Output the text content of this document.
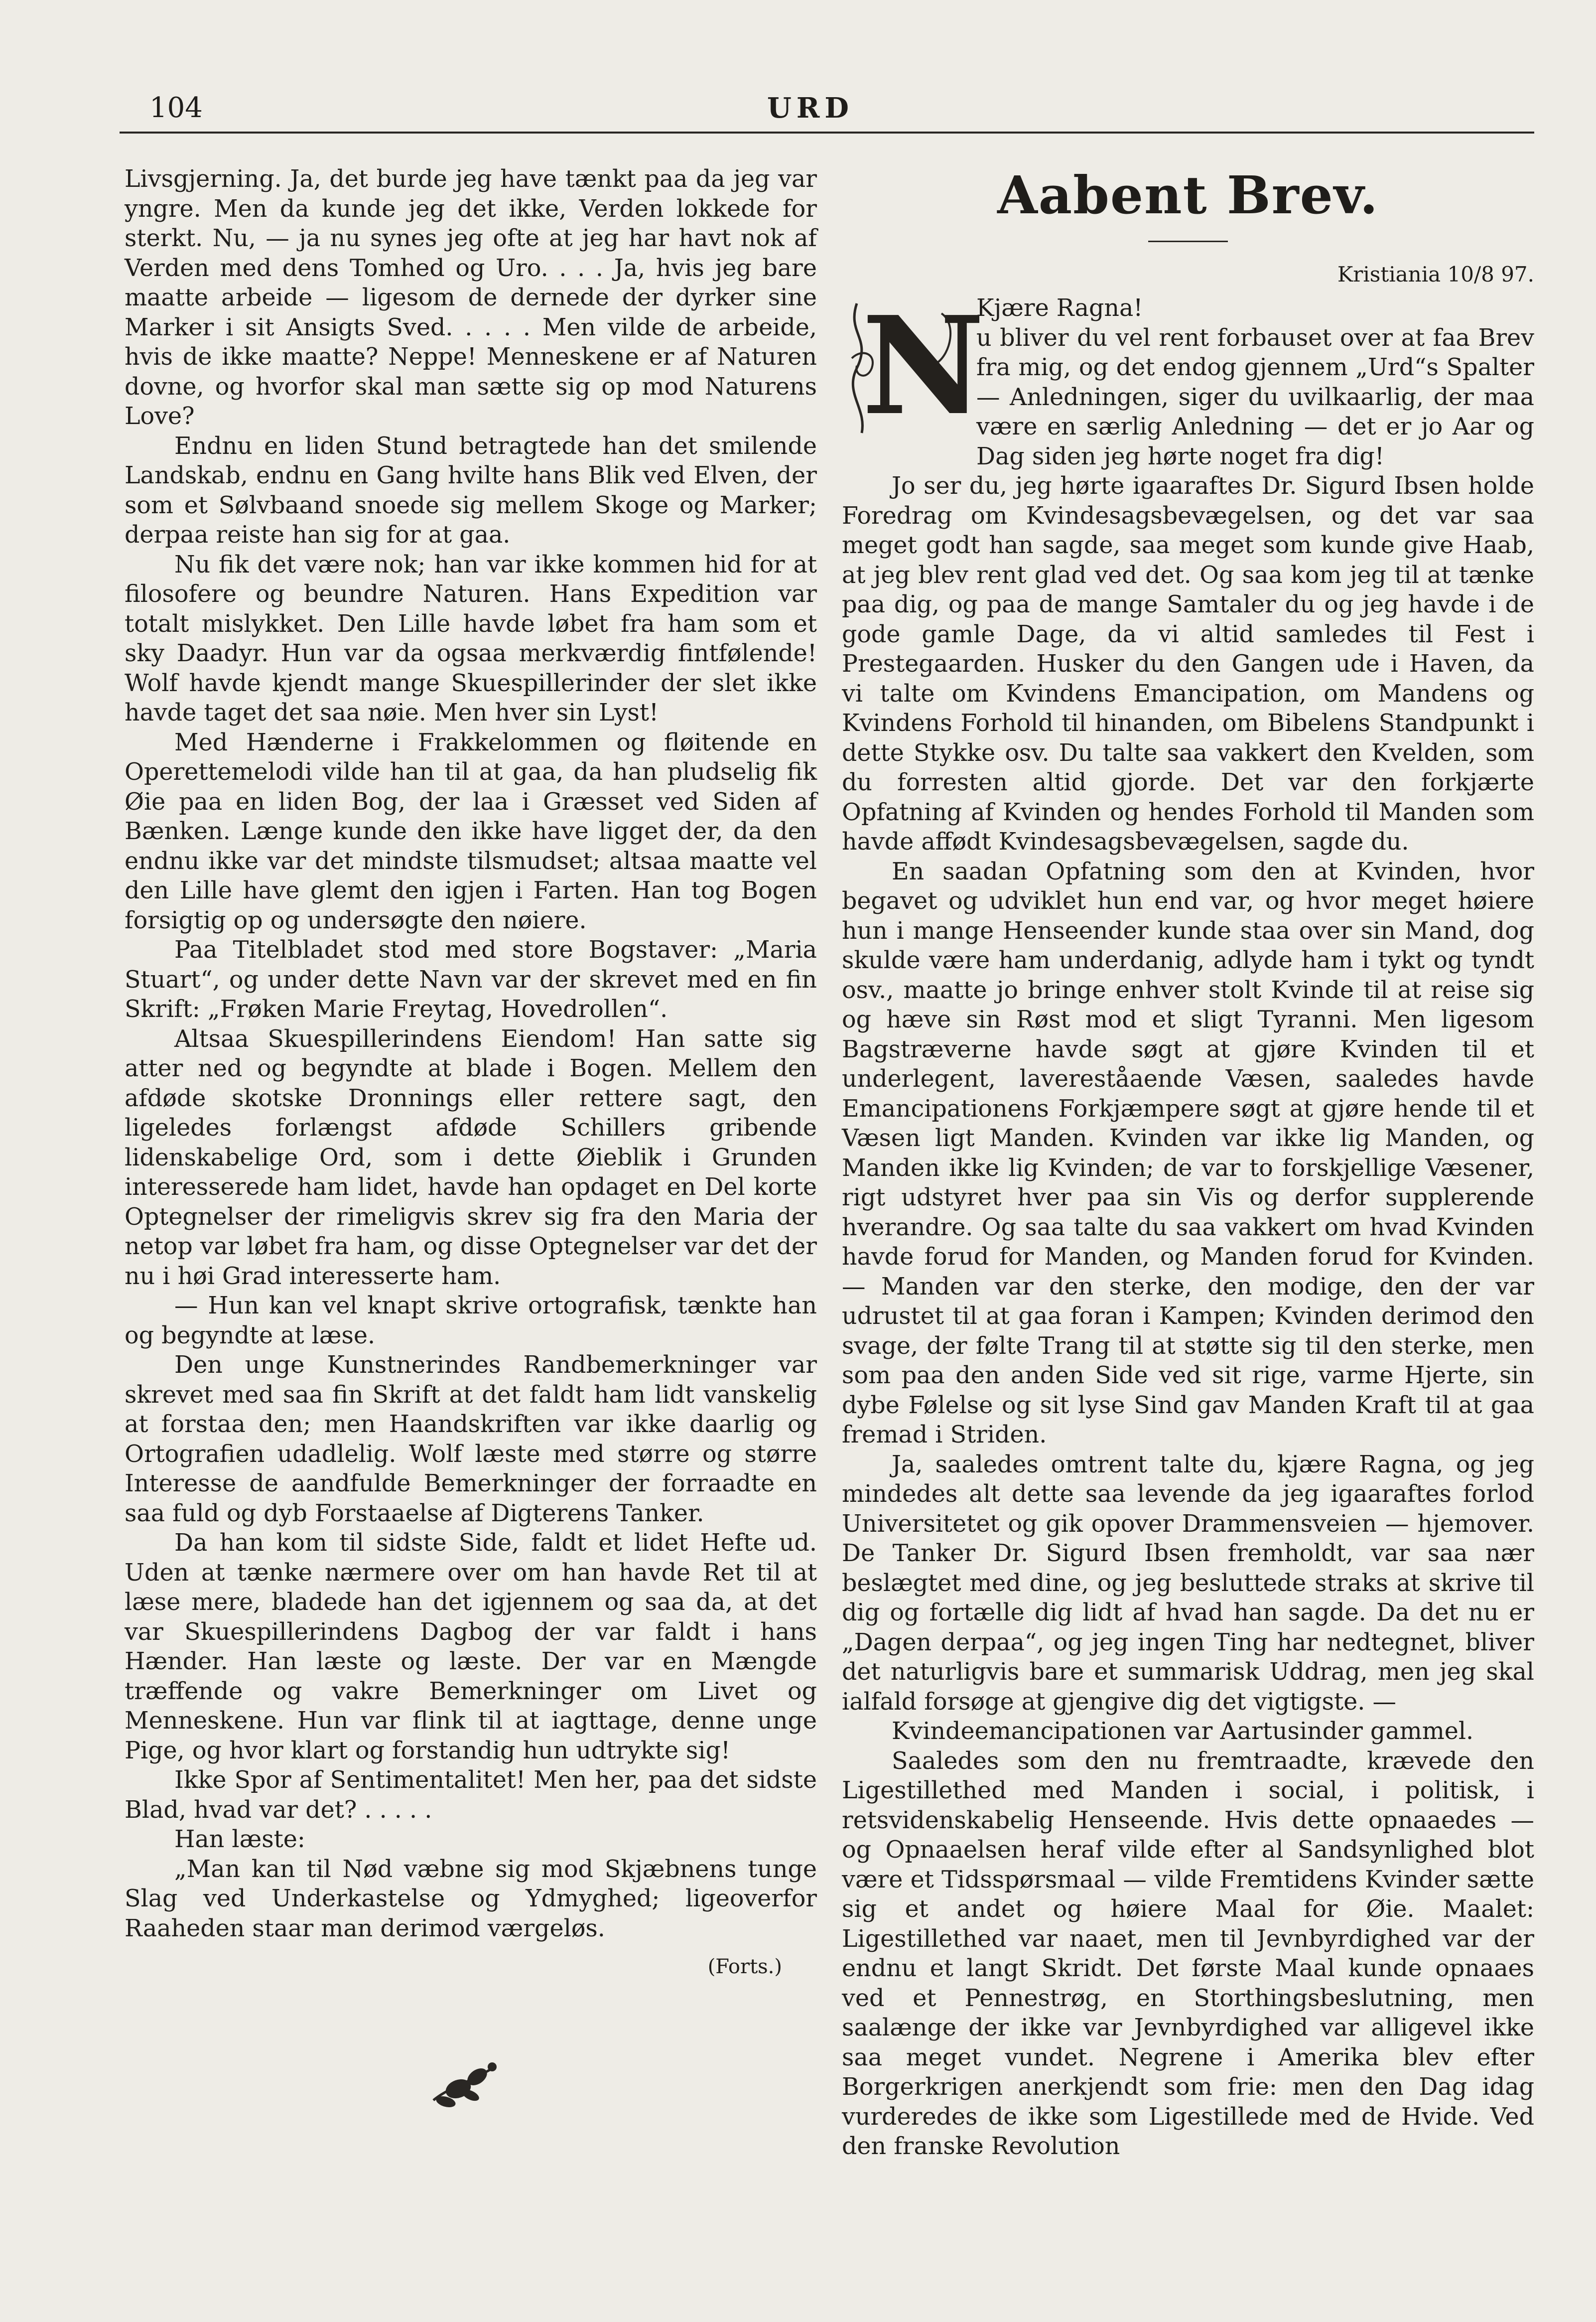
104	URD

Livsgjerning. Ja, det burde jeg have tænkt paa da jeg var yngre. Men da kunde jeg det ikke, Verden lokkede for sterkt. Nu, — ja nu synes jeg ofte at jeg har havt nok af Verden med dens Tomhed og Uro. . . . Ja, hvis jeg bare maatte arbeide — ligesom de dernede der dyrker sine Marker i sit Ansigts Sved. . . . . Men vilde de arbeide, hvis de ikke maatte? Neppe! Menneskene er af Naturen dovne, og hvorfor skal man sætte sig op mod Naturens Love?

Endnu en liden Stund betragtede han det smilende Landskab, endnu en Gang hvilte hans Blik ved Elven, der som et Sølvbaand snoede sig mellem Skoge og Marker; derpaa reiste han sig for at gaa.

Nu fik det være nok; han var ikke kommen hid for at filosofere og beundre Naturen. Hans Expedition var totalt mislykket. Den Lille havde løbet fra ham som et sky Daadyr. Hun var da ogsaa merkværdig fintfølende! Wolf havde kjendt mange Skuespillerinder der slet ikke havde taget det saa nøie. Men hver sin Lyst!

Med Hænderne i Frakkelommen og fløitende en Operettemelodi vilde han til at gaa, da han pludselig fik Øie paa en liden Bog, der laa i Græsset ved Siden af Bænken. Længe kunde den ikke have ligget der, da den endnu ikke var det mindste tilsmudset; altsaa maatte vel den Lille have glemt den igjen i Farten. Han tog Bogen forsigtig op og undersøgte den nøiere.

Paa Titelbladet stod med store Bogstaver: „Maria Stuart“, og under dette Navn var der skrevet med en fin Skrift: „Frøken Marie Freytag, Hovedrollen“.

Altsaa Skuespillerindens Eiendom! Han satte sig atter ned og begyndte at blade i Bogen. Mellem den afdøde skotske Dronnings eller rettere sagt, den ligeledes forlængst afdøde Schillers gribende lidenskabelige Ord, som i dette Øieblik i Grunden interesserede ham lidet, havde han opdaget en Del korte Optegnelser der rimeligvis skrev sig fra den Maria der netop var løbet fra ham, og disse Optegnelser var det der nu i høi Grad interesserte ham.

— Hun kan vel knapt skrive ortografisk, tænkte han og begyndte at læse.

Den unge Kunstnerindes Randbemerkninger var skrevet med saa fin Skrift at det faldt ham lidt vanskelig at forstaa den; men Haandskriften var ikke daarlig og Ortografien udadlelig. Wolf læste med større og større Interesse de aandfulde Bemerkninger der forraadte en saa fuld og dyb Forstaaelse af Digterens Tanker.

Da han kom til sidste Side, faldt et lidet Hefte ud. Uden at tænke nærmere over om han havde Ret til at læse mere, bladede han det igjennem og saa da, at det var Skuespillerindens Dagbog der var faldt i hans Hænder. Han læste og læste. Der var en Mængde træffende og vakre Bemerkninger om Livet og Menneskene. Hun var flink til at iagttage, denne unge Pige, og hvor klart og forstandig hun udtrykte sig!

Ikke Spor af Sentimentalitet! Men her, paa det sidste Blad, hvad var det? . . . . .

Han læste:

„Man kan til Nød væbne sig mod Skjæbnens tunge Slag ved Underkastelse og Ydmyghed; ligeoverfor Raaheden staar man derimod værgeløs.

(Forts.)
Aabent Brev.

Kristiania 10/8 97.

N

Kjære Ragna!

u bliver du vel rent forbauset over at faa Brev fra mig, og det endog gjennem „Urd“s Spalter — Anledningen, siger du uvilkaarlig, der maa være en særlig Anledning — det er jo Aar og Dag siden jeg hørte noget fra dig!

Jo ser du, jeg hørte igaaraftes Dr. Sigurd Ibsen holde Foredrag om Kvindesagsbevægelsen, og det var saa meget godt han sagde, saa meget som kunde give Haab, at jeg blev rent glad ved det. Og saa kom jeg til at tænke paa dig, og paa de mange Samtaler du og jeg havde i de gode gamle Dage, da vi altid samledes til Fest i Prestegaarden. Husker du den Gangen ude i Haven, da vi talte om Kvindens Emancipation, om Mandens og Kvindens Forhold til hinanden, om Bibelens Standpunkt i dette Stykke osv. Du talte saa vakkert den Kvelden, som du forresten altid gjorde. Det var den forkjærte Opfatning af Kvinden og hendes Forhold til Manden som havde affødt Kvindesagsbevægelsen, sagde du.

En saadan Opfatning som den at Kvinden, hvor begavet og udviklet hun end var, og hvor meget høiere hun i mange Henseender kunde staa over sin Mand, dog skulde være ham underdanig, adlyde ham i tykt og tyndt osv., maatte jo bringe enhver stolt Kvinde til at reise sig og hæve sin Røst mod et sligt Tyranni. Men ligesom Bagstræverne havde søgt at gjøre Kvinden til et underlegent, lavereståaende Væsen, saaledes havde Emancipationens Forkjæmpere søgt at gjøre hende til et Væsen ligt Manden. Kvinden var ikke lig Manden, og Manden ikke lig Kvinden; de var to forskjellige Væsener, rigt udstyret hver paa sin Vis og derfor supplerende hverandre. Og saa talte du saa vakkert om hvad Kvinden havde forud for Manden, og Manden forud for Kvinden. — Manden var den sterke, den modige, den der var udrustet til at gaa foran i Kampen; Kvinden derimod den svage, der følte Trang til at støtte sig til den sterke, men som paa den anden Side ved sit rige, varme Hjerte, sin dybe Følelse og sit lyse Sind gav Manden Kraft til at gaa fremad i Striden.

Ja, saaledes omtrent talte du, kjære Ragna, og jeg mindedes alt dette saa levende da jeg igaaraftes forlod Universitetet og gik opover Drammensveien — hjemover. De Tanker Dr. Sigurd Ibsen fremholdt, var saa nær beslægtet med dine, og jeg besluttede straks at skrive til dig og fortælle dig lidt af hvad han sagde. Da det nu er „Dagen derpaa“, og jeg ingen Ting har nedtegnet, bliver det naturligvis bare et summarisk Uddrag, men jeg skal ialfald forsøge at gjengive dig det vigtigste. —

Kvindeemancipationen var Aartusinder gammel.

Saaledes som den nu fremtraadte, krævede den Ligestillethed med Manden i social, i politisk, i retsvidenskabelig Henseende. Hvis dette opnaaedes — og Opnaaelsen heraf vilde efter al Sandsynlighed blot være et Tidsspørsmaal — vilde Fremtidens Kvinder sætte sig et andet og høiere Maal for Øie. Maalet: Ligestillethed var naaet, men til Jevnbyrdighed var der endnu et langt Skridt. Det første Maal kunde opnaaes ved et Pennestrøg, en Storthingsbeslutning, men saalænge der ikke var Jevnbyrdighed var alligevel ikke saa meget vundet. Negrene i Amerika blev efter Borgerkrigen anerkjendt som frie: men den Dag idag vurderedes de ikke som Ligestillede med de Hvide. Ved den franske Revolution
